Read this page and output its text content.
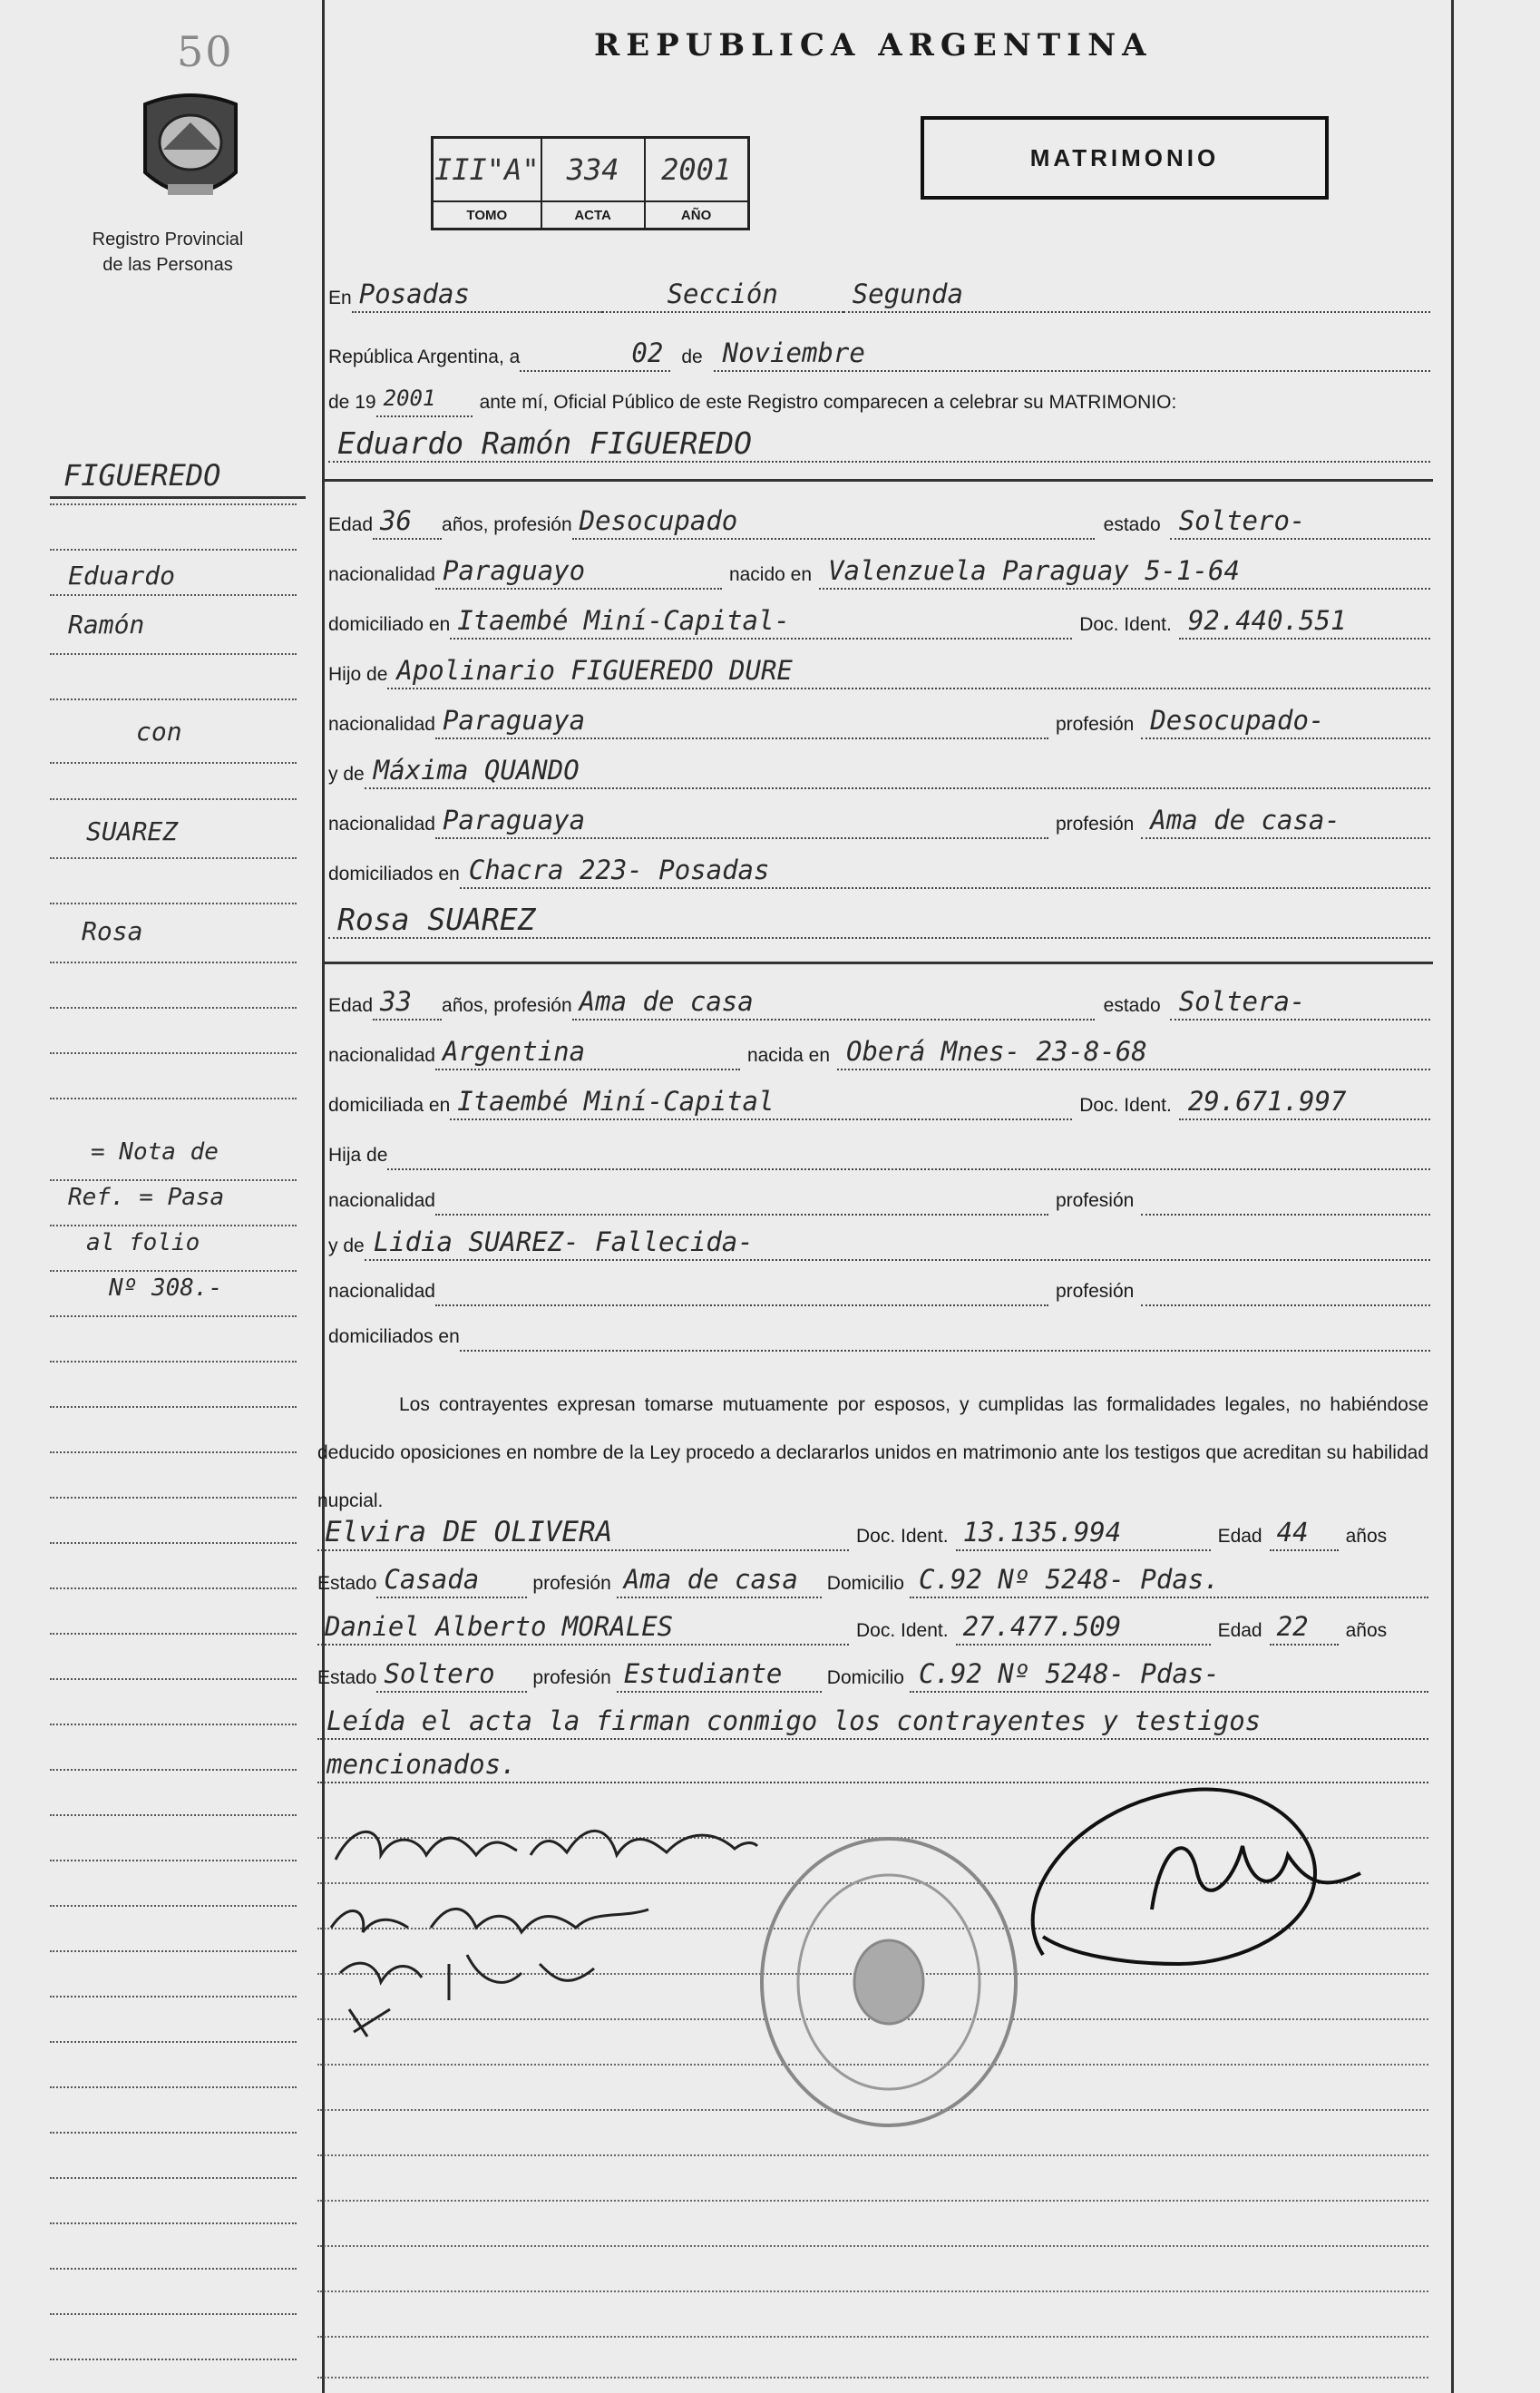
50
Registro Provincial
de las Personas
REPUBLICA ARGENTINA
MATRIMONIO
III"A"	334	2001
TOMO	ACTA	AÑO
En Posadas	Sección	Segunda
República Argentina, a	02 de Noviembre
de 19 2001	ante mí, Oficial Público de este Registro comparecen a celebrar su MATRIMONIO:
Eduardo Ramón FIGUEREDO
Edad 36	años, profesión Desocupado	estado Soltero-
nacionalidad Paraguayo	nacido en Valenzuela Paraguay 5-1-64
domiciliado en Itaembé Miní-Capital-	Doc. Ident. 92.440.551
Hijo de Apolinario FIGUEREDO DURE
nacionalidad Paraguaya	profesión Desocupado-
y de Máxima QUANDO
nacionalidad Paraguaya	profesión Ama de casa-
domiciliados en Chacra 223- Posadas
Rosa SUAREZ
Edad 33	años, profesión Ama de casa	estado Soltera-
nacionalidad Argentina	nacida en Oberá Mnes- 23-8-68
domiciliada en Itaembé Miní-Capital	Doc. Ident. 29.671.997
Hija de
nacionalidad	profesión
y de Lidia SUAREZ- Fallecida-
nacionalidad	profesión
domiciliados en
Los contrayentes expresan tomarse mutuamente por esposos, y cumplidas las formalidades legales, no habiéndose deducido oposiciones en nombre de la Ley procedo a declararlos unidos en matrimonio ante los testigos que acreditan su habilidad nupcial.
Elvira DE OLIVERA	Doc. Ident. 13.135.994	Edad 44	años
Estado Casada	profesión Ama de casa	Domicilio C.92 Nº 5248- Pdas.
Daniel Alberto MORALES	Doc. Ident. 27.477.509	Edad 22	años
Estado Soltero	profesión Estudiante	Domicilio C.92 Nº 5248- Pdas-
Leída el acta la firman conmigo los contrayentes y testigos
mencionados.
FIGUEREDO
Eduardo
Ramón
con
SUAREZ
Rosa
= Nota de
Ref. = Pasa
al folio
Nº 308.-
